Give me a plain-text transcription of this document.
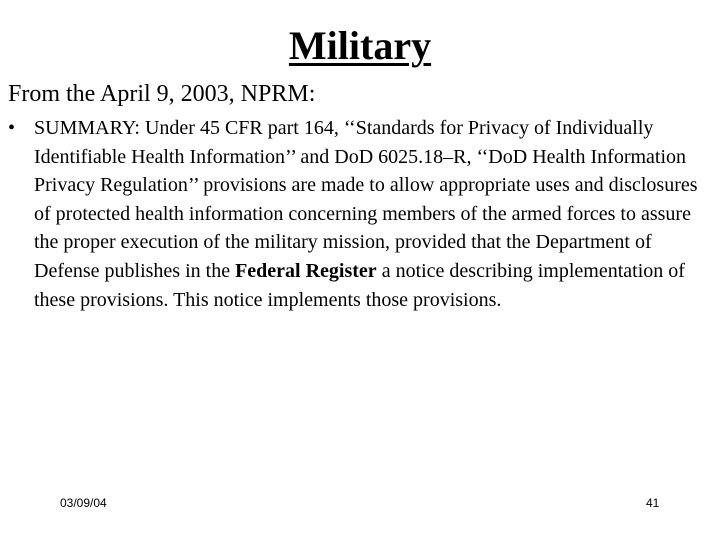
Military
From the April 9, 2003, NPRM:
• SUMMARY: Under 45 CFR part 164, ‘‘Standards for Privacy of Individually Identifiable Health Information’’ and DoD 6025.18–R, ‘‘DoD Health Information Privacy Regulation’’ provisions are made to allow appropriate uses and disclosures of protected health information concerning members of the armed forces to assure the proper execution of the military mission, provided that the Department of Defense publishes in the Federal Register a notice describing implementation of these provisions. This notice implements those provisions.
03/09/04	41
